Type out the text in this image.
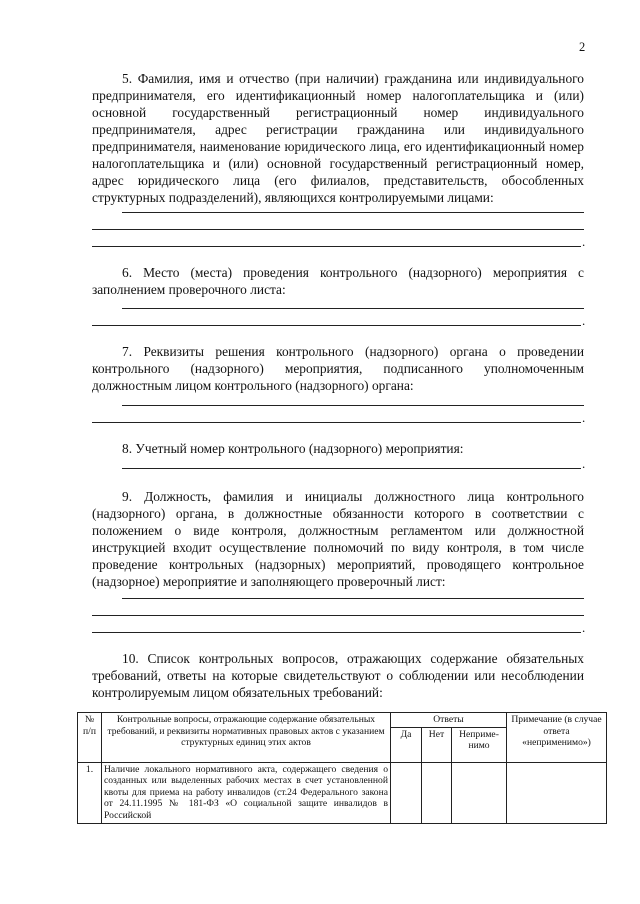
2

5. Фамилия, имя и отчество (при наличии) гражданина или индивидуального предпринимателя, его идентификационный номер налогоплательщика и (или) основной государственный регистрационный номер индивидуального предпринимателя, адрес регистрации гражданина или индивидуального предпринимателя, наименование юридического лица, его идентификационный номер налогоплательщика и (или) основной государственный регистрационный номер, адрес юридического лица (его филиалов, представительств, обособленных структурных подразделений), являющихся контролируемыми лицами:

.

6. Место (места) проведения контрольного (надзорного) мероприятия с заполнением проверочного листа:

.

7. Реквизиты решения контрольного (надзорного) органа о проведении контрольного (надзорного) мероприятия, подписанного уполномоченным должностным лицом контрольного (надзорного) органа:

.

8. Учетный номер контрольного (надзорного) мероприятия:

.

9. Должность, фамилия и инициалы должностного лица контрольного (надзорного) органа, в должностные обязанности которого в соответствии с положением о виде контроля, должностным регламентом или должностной инструкцией входит осуществление полномочий по виду контроля, в том числе проведение контрольных (надзорных) мероприятий, проводящего контрольное (надзорное) мероприятие и заполняющего проверочный лист:

.

10. Список контрольных вопросов, отражающих содержание обязательных требований, ответы на которые свидетельствуют о соблюдении или несоблюдении контролируемым лицом обязательных требований:

№ п/п	Контрольные вопросы, отражающие содержание обязательных требований, и реквизиты нормативных правовых актов с указанием структурных единиц этих актов	Ответы			Примечание (в случае ответа «неприменимо»)
		Да	Нет	Неприме-нимо	
1.	Наличие локального нормативного акта, содержащего сведения о созданных или выделенных рабочих местах в счет установленной квоты для приема на работу инвалидов (ст.24 Федерального закона от 24.11.1995 № 181-ФЗ «О социальной защите инвалидов в Российской				
